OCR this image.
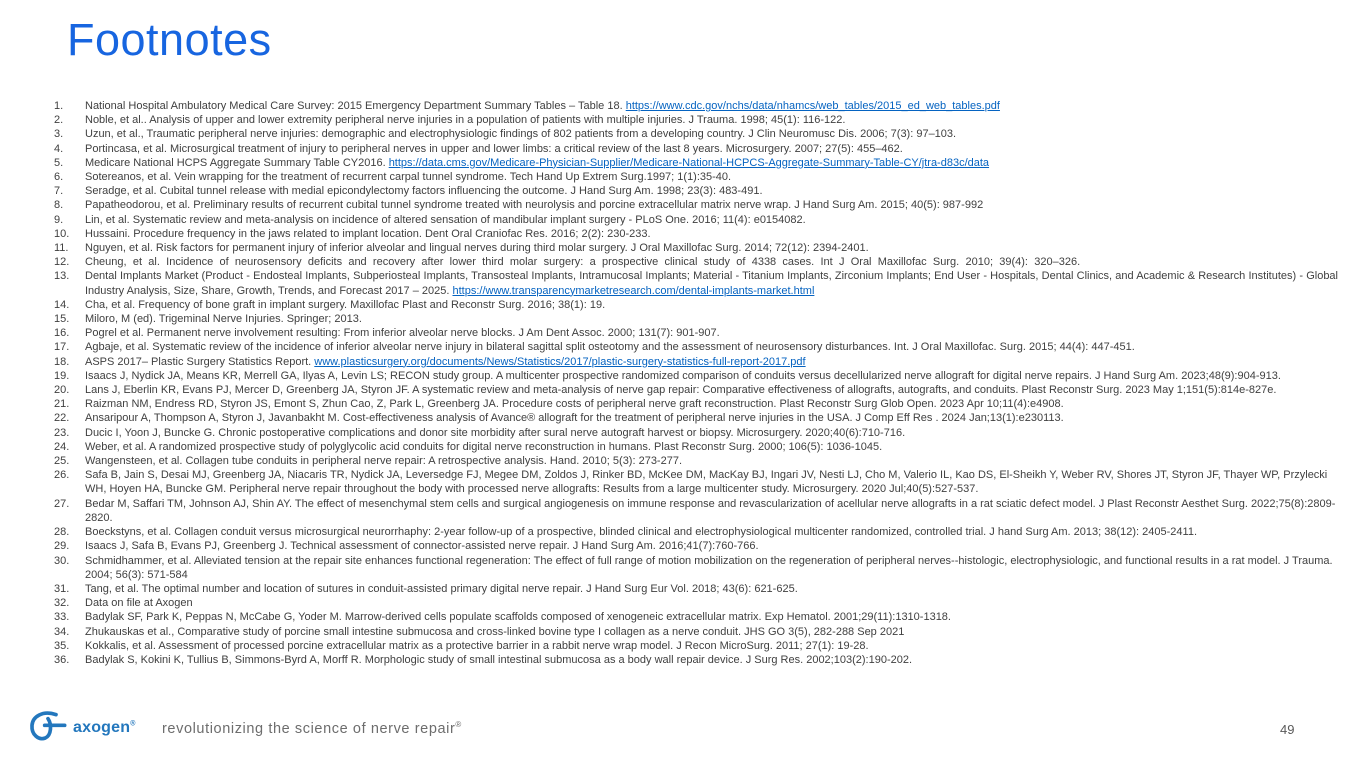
Footnotes
1.	National Hospital Ambulatory Medical Care Survey: 2015 Emergency Department Summary Tables – Table 18. https://www.cdc.gov/nchs/data/nhamcs/web_tables/2015_ed_web_tables.pdf
2.	Noble, et al.. Analysis of upper and lower extremity peripheral nerve injuries in a population of patients with multiple injuries. J Trauma. 1998; 45(1): 116-122.
3.	Uzun, et al., Traumatic peripheral nerve injuries: demographic and electrophysiologic findings of 802 patients from a developing country. J Clin Neuromusc Dis. 2006; 7(3): 97–103.
4.	Portincasa, et al. Microsurgical treatment of injury to peripheral nerves in upper and lower limbs: a critical review of the last 8 years. Microsurgery. 2007; 27(5): 455–462.
5.	Medicare National HCPS Aggregate Summary Table CY2016. https://data.cms.gov/Medicare-Physician-Supplier/Medicare-National-HCPCS-Aggregate-Summary-Table-CY/jtra-d83c/data
6.	Sotereanos, et al. Vein wrapping for the treatment of recurrent carpal tunnel syndrome. Tech Hand Up Extrem Surg.1997; 1(1):35-40.
7.	Seradge, et al. Cubital tunnel release with medial epicondylectomy factors influencing the outcome. J Hand Surg Am. 1998; 23(3): 483-491.
8.	Papatheodorou, et al. Preliminary results of recurrent cubital tunnel syndrome treated with neurolysis and porcine extracellular matrix nerve wrap. J Hand Surg Am. 2015; 40(5): 987-992
9.	Lin, et al. Systematic review and meta-analysis on incidence of altered sensation of mandibular implant surgery - PLoS One. 2016; 11(4): e0154082.
10.	Hussaini. Procedure frequency in the jaws related to implant location. Dent Oral Craniofac Res. 2016; 2(2): 230-233.
11.	Nguyen, et al. Risk factors for permanent injury of inferior alveolar and lingual nerves during third molar surgery. J Oral Maxillofac Surg. 2014; 72(12): 2394-2401.
12.	Cheung, et al. Incidence of neurosensory deficits and recovery after lower third molar surgery: a prospective clinical study of 4338 cases. Int J Oral Maxillofac Surg. 2010; 39(4): 320–326.
13.	Dental Implants Market (Product - Endosteal Implants, Subperiosteal Implants, Transosteal Implants, Intramucosal Implants; Material - Titanium Implants, Zirconium Implants; End User - Hospitals, Dental Clinics, and Academic & Research Institutes) - Global Industry Analysis, Size, Share, Growth, Trends, and Forecast 2017 – 2025. https://www.transparencymarketresearch.com/dental-implants-market.html
14.	Cha, et al. Frequency of bone graft in implant surgery. Maxillofac Plast and Reconstr Surg. 2016; 38(1): 19.
15.	Miloro, M (ed). Trigeminal Nerve Injuries. Springer; 2013.
16.	Pogrel et al. Permanent nerve involvement resulting: From inferior alveolar nerve blocks. J Am Dent Assoc. 2000; 131(7): 901-907.
17.	Agbaje, et al. Systematic review of the incidence of inferior alveolar nerve injury in bilateral sagittal split osteotomy and the assessment of neurosensory disturbances. Int. J Oral Maxillofac. Surg. 2015; 44(4): 447-451.
18.	ASPS 2017– Plastic Surgery Statistics Report. www.plasticsurgery.org/documents/News/Statistics/2017/plastic-surgery-statistics-full-report-2017.pdf
19.	Isaacs J, Nydick JA, Means KR, Merrell GA, Ilyas A, Levin LS; RECON study group. A multicenter prospective randomized comparison of conduits versus decellularized nerve allograft for digital nerve repairs. J Hand Surg Am. 2023;48(9):904-913.
20.	Lans J, Eberlin KR, Evans PJ, Mercer D, Greenberg JA, Styron JF. A systematic review and meta-analysis of nerve gap repair: Comparative effectiveness of allografts, autografts, and conduits. Plast Reconstr Surg. 2023 May 1;151(5):814e-827e.
21.	Raizman NM, Endress RD, Styron JS, Emont S, Zhun Cao, Z, Park L, Greenberg JA. Procedure costs of peripheral nerve graft reconstruction. Plast Reconstr Surg Glob Open. 2023 Apr 10;11(4):e4908.
22.	Ansaripour A, Thompson A, Styron J, Javanbakht M. Cost-effectiveness analysis of Avance® allograft for the treatment of peripheral nerve injuries in the USA. J Comp Eff Res . 2024 Jan;13(1):e230113.
23.	Ducic I, Yoon J, Buncke G. Chronic postoperative complications and donor site morbidity after sural nerve autograft harvest or biopsy. Microsurgery. 2020;40(6):710-716.
24.	Weber, et al. A randomized prospective study of polyglycolic acid conduits for digital nerve reconstruction in humans. Plast Reconstr Surg. 2000; 106(5): 1036-1045.
25.	Wangensteen, et al. Collagen tube conduits in peripheral nerve repair: A retrospective analysis. Hand. 2010; 5(3): 273-277.
26.	Safa B, Jain S, Desai MJ, Greenberg JA, Niacaris TR, Nydick JA, Leversedge FJ, Megee DM, Zoldos J, Rinker BD, McKee DM, MacKay BJ, Ingari JV, Nesti LJ, Cho M, Valerio IL, Kao DS, El-Sheikh Y, Weber RV, Shores JT, Styron JF, Thayer WP, Przylecki WH, Hoyen HA, Buncke GM. Peripheral nerve repair throughout the body with processed nerve allografts: Results from a large multicenter study. Microsurgery. 2020 Jul;40(5):527-537.
27.	Bedar M, Saffari TM, Johnson AJ, Shin AY. The effect of mesenchymal stem cells and surgical angiogenesis on immune response and revascularization of acellular nerve allografts in a rat sciatic defect model. J Plast Reconstr Aesthet Surg. 2022;75(8):2809-2820.
28.	Boeckstyns, et al. Collagen conduit versus microsurgical neurorrhaphy: 2-year follow-up of a prospective, blinded clinical and electrophysiological multicenter randomized, controlled trial. J hand Surg Am. 2013; 38(12): 2405-2411.
29.	Isaacs J, Safa B, Evans PJ, Greenberg J. Technical assessment of connector-assisted nerve repair. J Hand Surg Am. 2016;41(7):760-766.
30.	Schmidhammer, et al. Alleviated tension at the repair site enhances functional regeneration: The effect of full range of motion mobilization on the regeneration of peripheral nerves--histologic, electrophysiologic, and functional results in a rat model. J Trauma. 2004; 56(3): 571-584
31.	Tang, et al. The optimal number and location of sutures in conduit-assisted primary digital nerve repair. J Hand Surg Eur Vol. 2018; 43(6): 621-625.
32.	Data on file at Axogen
33.	Badylak SF, Park K, Peppas N, McCabe G, Yoder M. Marrow-derived cells populate scaffolds composed of xenogeneic extracellular matrix. Exp Hematol. 2001;29(11):1310-1318.
34.	Zhukauskas et al., Comparative study of porcine small intestine submucosa and cross-linked bovine type I collagen as a nerve conduit. JHS GO 3(5), 282-288 Sep 2021
35.	Kokkalis, et al. Assessment of processed porcine extracellular matrix as a protective barrier in a rabbit nerve wrap model. J Recon MicroSurg. 2011; 27(1): 19-28.
36.	Badylak S, Kokini K, Tullius B, Simmons-Byrd A, Morff R. Morphologic study of small intestinal submucosa as a body wall repair device. J Surg Res. 2002;103(2):190-202.
axogen® revolutionizing the science of nerve repair®	49
